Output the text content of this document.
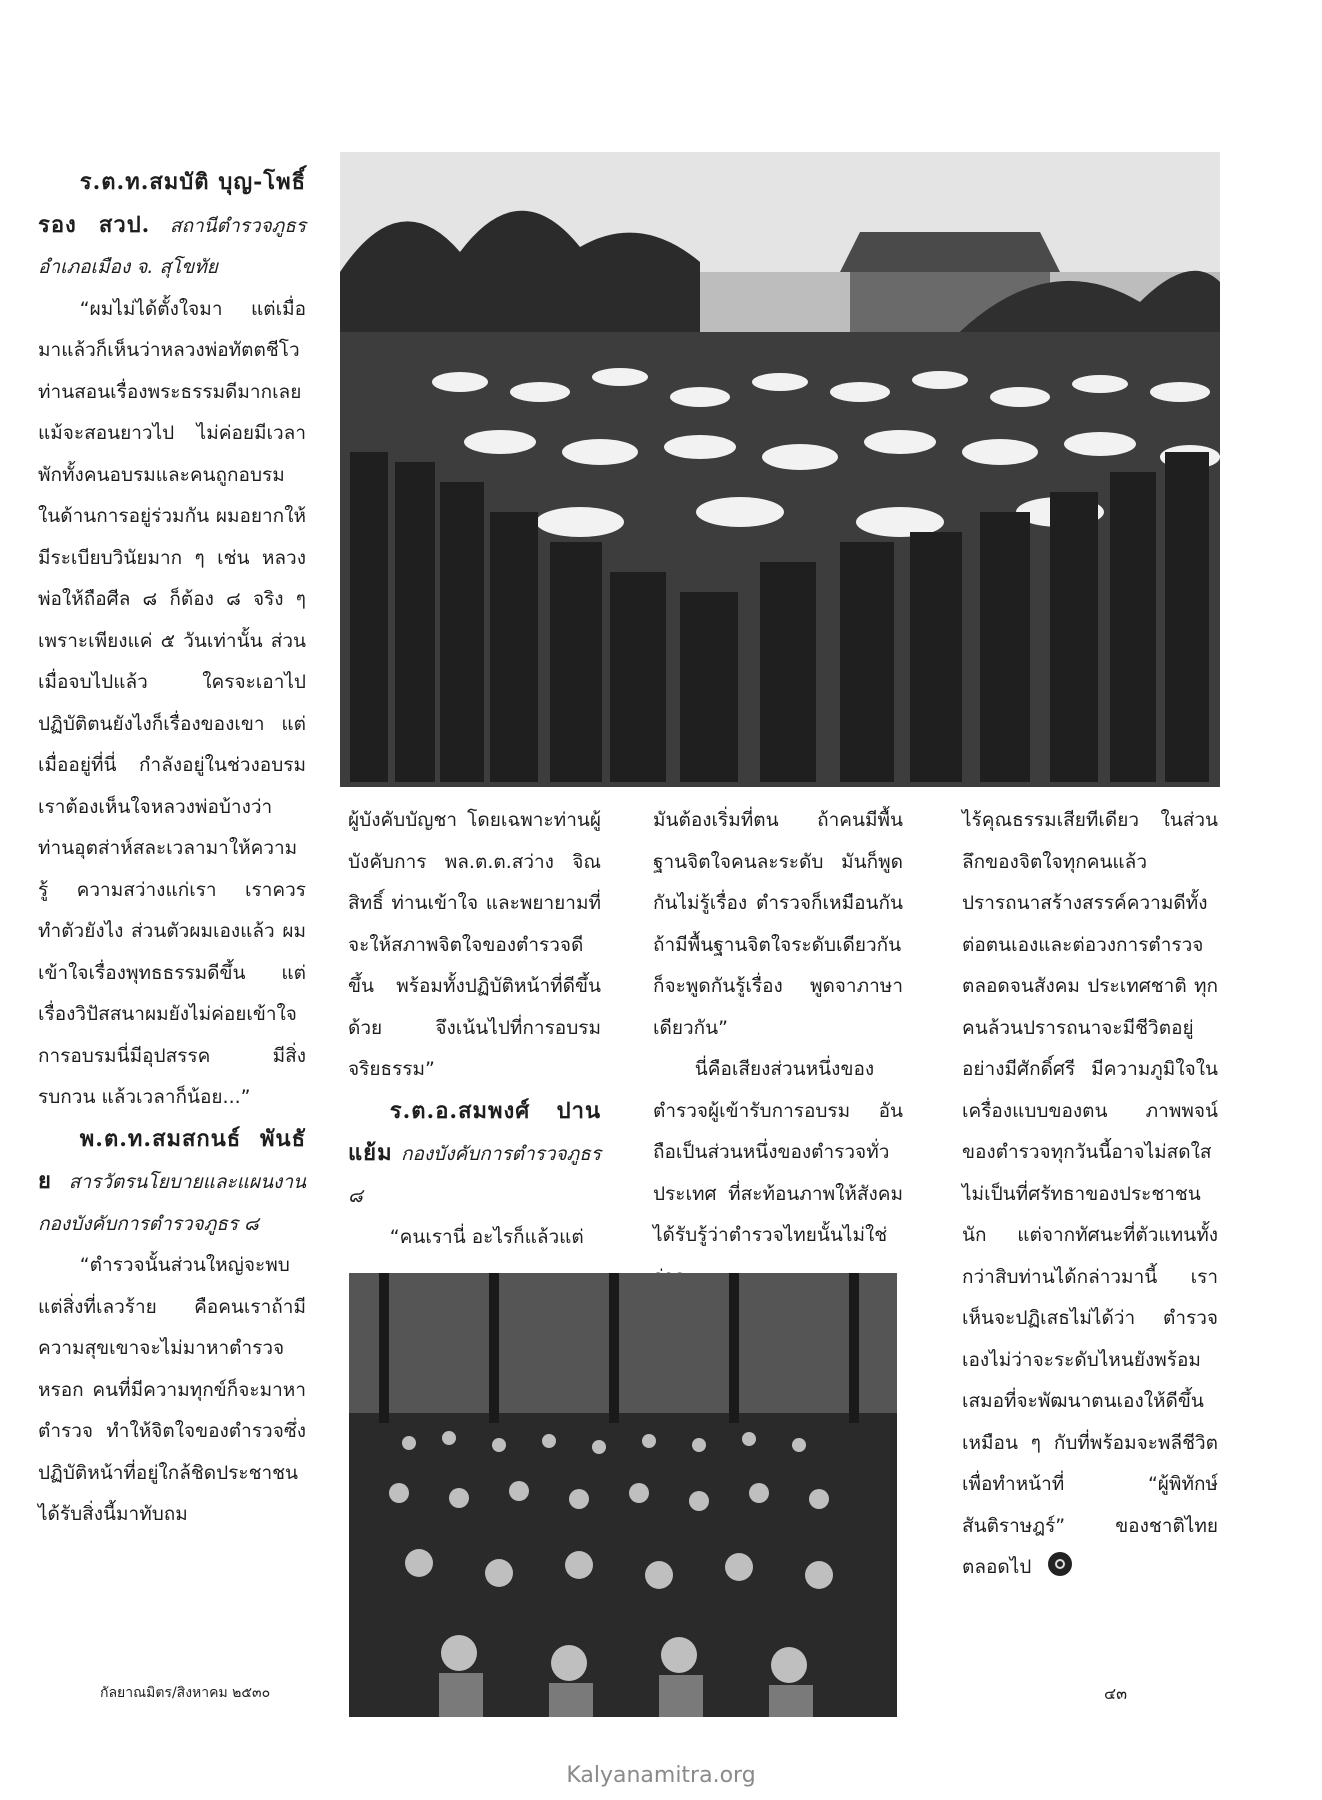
ร.ต.ท.สมบัติ บุญ-โพธิ์ รอง สวป. สถานีตำรวจภูธร อำเภอเมือง จ. สุโขทัย

“ผมไม่ได้ตั้งใจมา แต่เมื่อมาแล้วก็เห็นว่าหลวงพ่อทัตตชีโวท่านสอนเรื่องพระธรรมดีมากเลย แม้จะสอนยาวไป ไม่ค่อยมีเวลาพักทั้งคนอบรมและคนถูกอบรม ในด้านการอยู่ร่วมกัน ผมอยากให้มีระเบียบวินัยมาก ๆ เช่น หลวงพ่อให้ถือศีล ๘ ก็ต้อง ๘ จริง ๆ เพราะเพียงแค่ ๕ วันเท่านั้น ส่วนเมื่อจบไปแล้ว ใครจะเอาไปปฏิบัติตนยังไงก็เรื่องของเขา แต่เมื่ออยู่ที่นี่ กำลังอยู่ในช่วงอบรม เราต้องเห็นใจหลวงพ่อบ้างว่าท่านอุตส่าห์สละเวลามาให้ความรู้ ความสว่างแก่เรา เราควรทำตัวยังไง ส่วนตัวผมเองแล้ว ผมเข้าใจเรื่องพุทธธรรมดีขึ้น แต่เรื่องวิปัสสนาผมยังไม่ค่อยเข้าใจ การอบรมนี่มีอุปสรรค มีสิ่งรบกวน แล้วเวลาก็น้อย...”

พ.ต.ท.สมสกนธ์ พันธัย สารวัตรนโยบายและแผนงาน กองบังคับการตำรวจภูธร ๘

“ตำรวจนั้นส่วนใหญ่จะพบแต่สิ่งที่เลวร้าย คือคนเราถ้ามีความสุขเขาจะไม่มาหาตำรวจหรอก คนที่มีความทุกข์ก็จะมาหาตำรวจ ทำให้จิตใจของตำรวจซึ่งปฏิบัติหน้าที่อยู่ใกล้ชิดประชาชนได้รับสิ่งนี้มาทับถม

ผู้บังคับบัญชา โดยเฉพาะท่านผู้บังคับการ พล.ต.ต.สว่าง จิณสิทธิ์ ท่านเข้าใจ และพยายามที่จะให้สภาพจิตใจของตำรวจดีขึ้น พร้อมทั้งปฏิบัติหน้าที่ดีขึ้นด้วย จึงเน้นไปที่การอบรมจริยธรรม”

ร.ต.อ.สมพงศ์ ปานแย้ม กองบังคับการตำรวจภูธร ๘

“คนเรานี่ อะไรก็แล้วแต่

มันต้องเริ่มที่ตน ถ้าคนมีพื้นฐานจิตใจคนละระดับ มันก็พูดกันไม่รู้เรื่อง ตำรวจก็เหมือนกันถ้ามีพื้นฐานจิตใจระดับเดียวกัน ก็จะพูดกันรู้เรื่อง พูดจาภาษาเดียวกัน”

นี่คือเสียงส่วนหนึ่งของตำรวจผู้เข้ารับการอบรม อันถือเป็นส่วนหนึ่งของตำรวจทั่วประเทศ ที่สะท้อนภาพให้สังคมได้รับรู้ว่าตำรวจไทยนั้นไม่ใช่

ไร้คุณธรรมเสียทีเดียว ในส่วนลึกของจิตใจทุกคนแล้วปรารถนาสร้างสรรค์ความดีทั้งต่อตนเองและต่อวงการตำรวจ ตลอดจนสังคม ประเทศชาติ ทุกคนล้วนปรารถนาจะมีชีวิตอยู่อย่างมีศักดิ์ศรี มีความภูมิใจในเครื่องแบบของตน ภาพพจน์ของตำรวจทุกวันนี้อาจไม่สดใสไม่เป็นที่ศรัทธาของประชาชนนัก แต่จากทัศนะที่ตัวแทนทั้งกว่าสิบท่านได้กล่าวมานี้ เราเห็นจะปฏิเสธไม่ได้ว่า ตำรวจเองไม่ว่าจะระดับไหนยังพร้อมเสมอที่จะพัฒนาตนเองให้ดีขึ้นเหมือน ๆ กับที่พร้อมจะพลีชีวิตเพื่อทำหน้าที่ “ผู้พิทักษ์สันติราษฎร์” ของชาติไทยตลอดไป

กัลยาณมิตร/สิงหาคม ๒๕๓๐	๔๓
Kalyanamitra.org
